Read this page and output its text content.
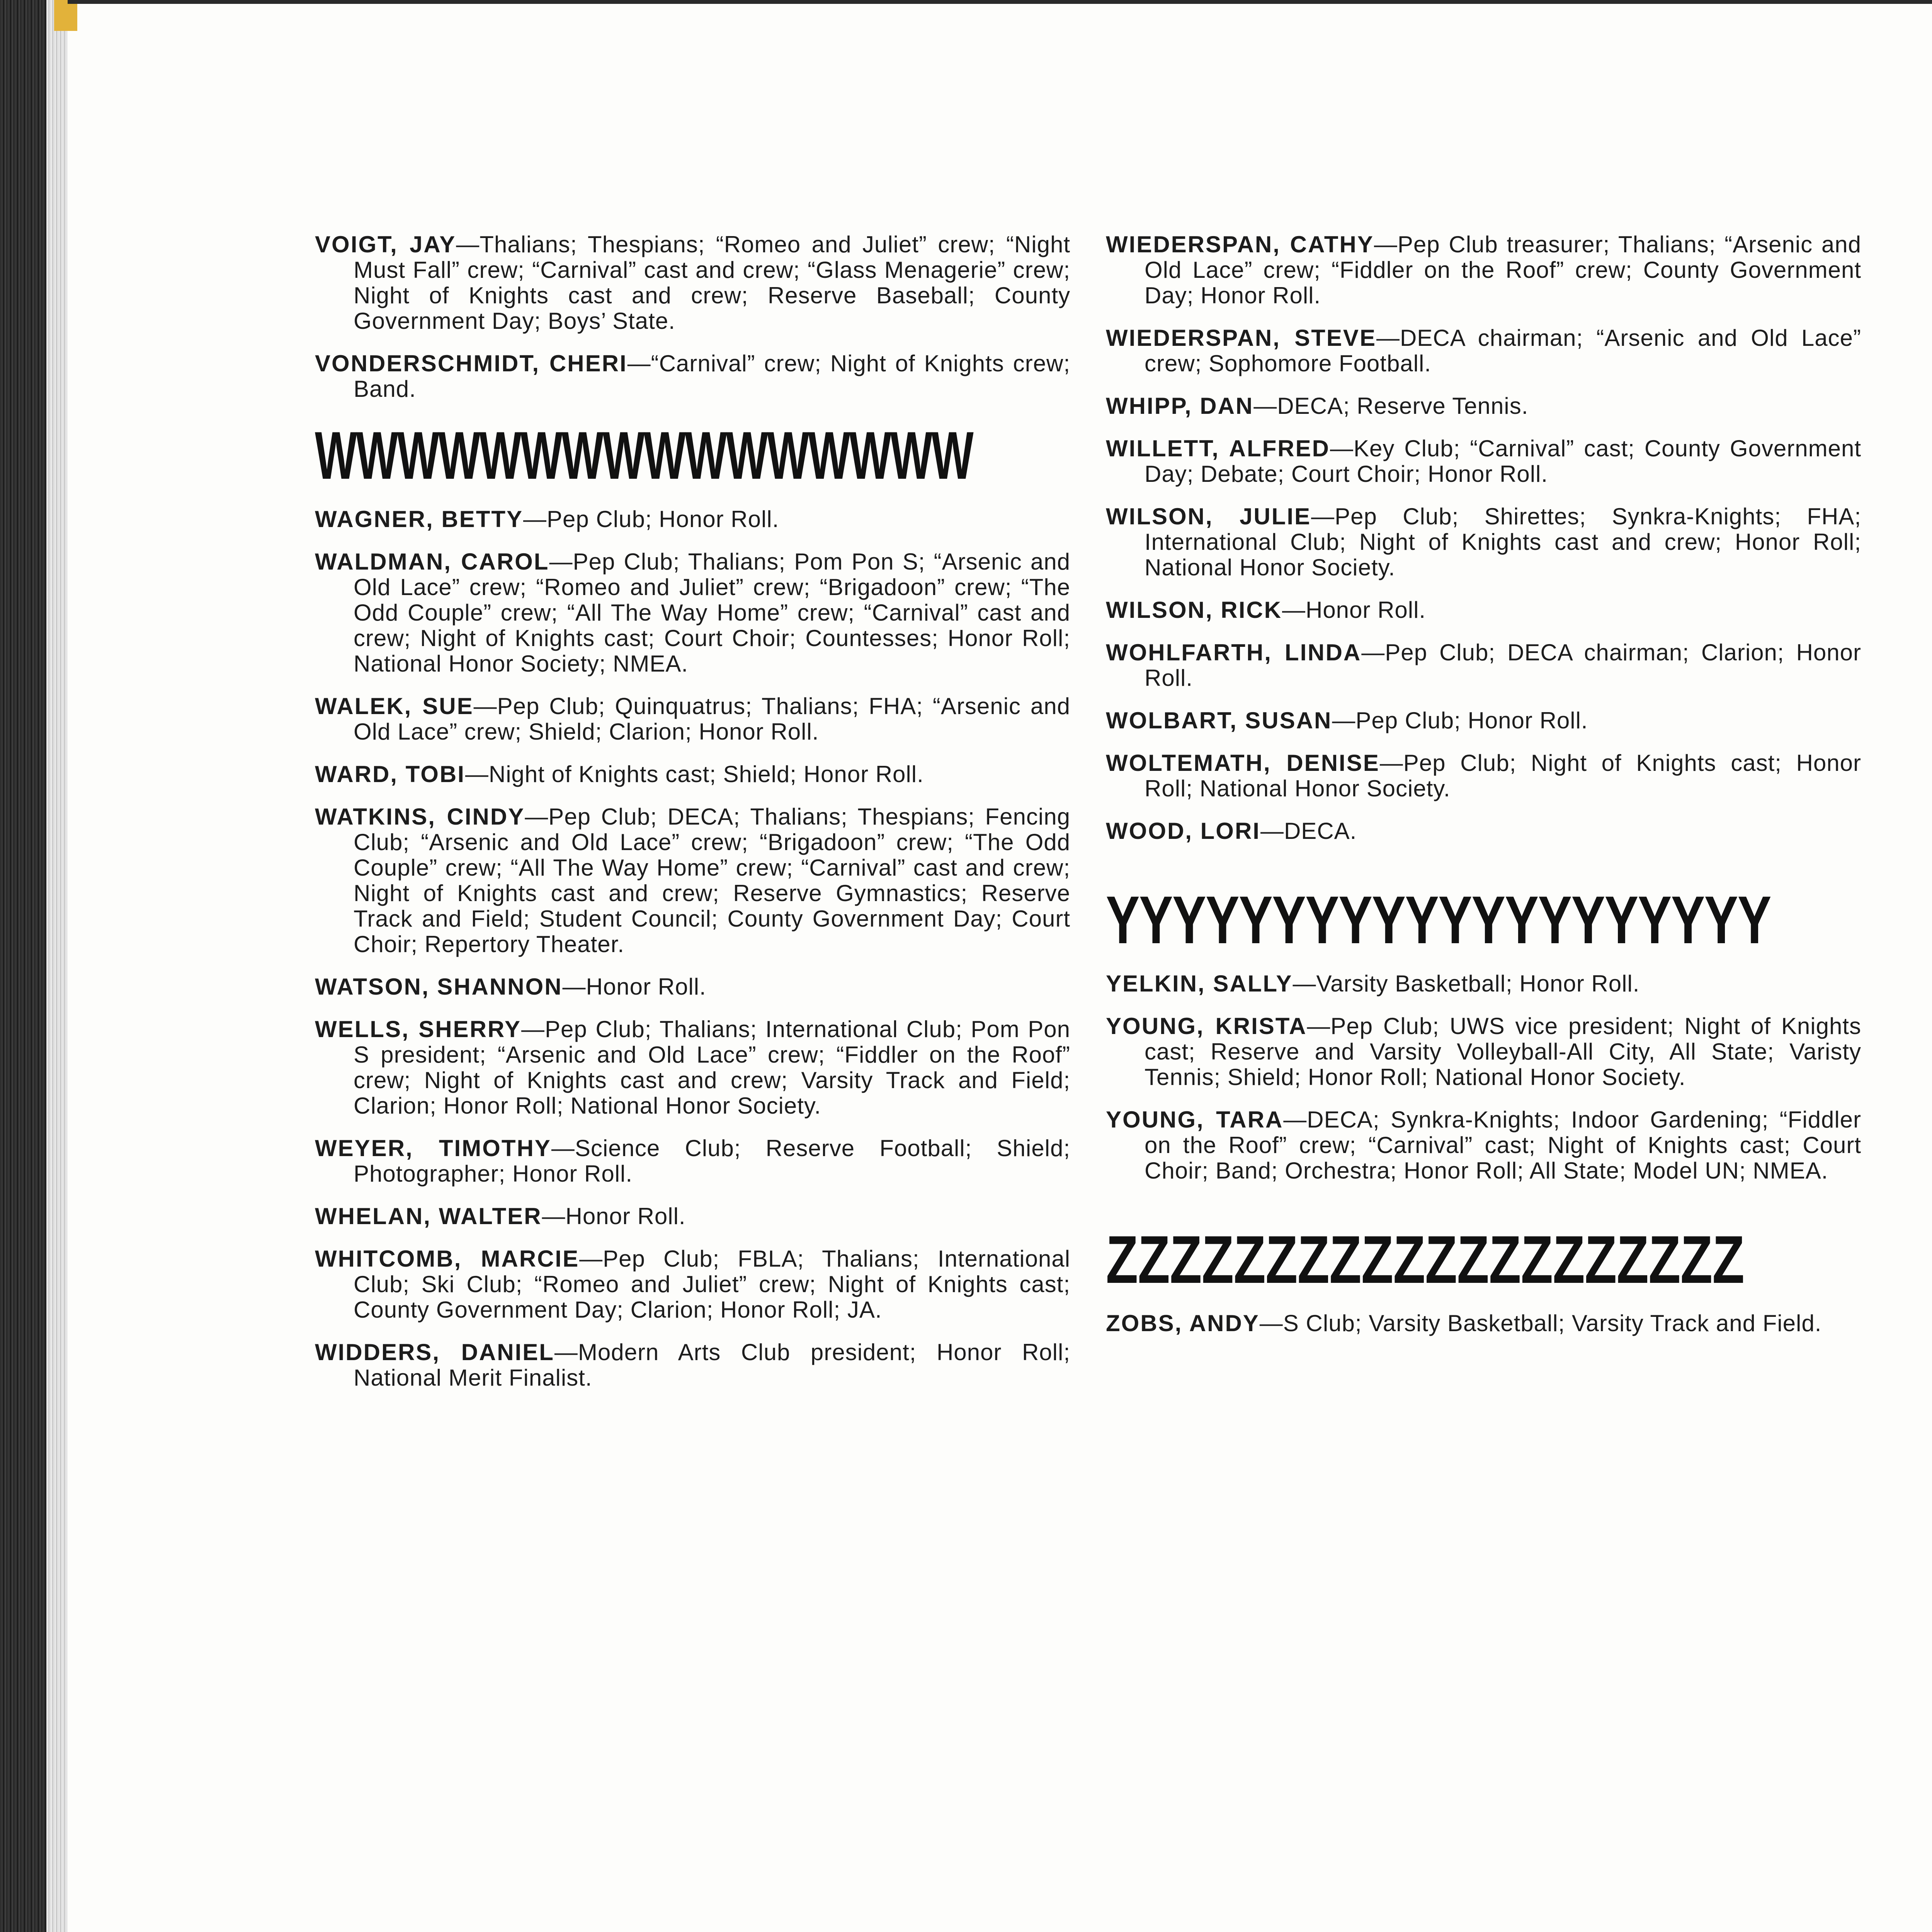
VOIGT, JAY—Thalians; Thespians; “Romeo and Juliet” crew; “Night Must Fall” crew; “Carnival” cast and crew; “Glass Menagerie” crew; Night of Knights cast and crew; Reserve Baseball; County Government Day; Boys’ State.
VONDERSCHMIDT, CHERI—“Carnival” crew; Night of Knights crew; Band.
WWWWWWWWWWWWWWWW
WAGNER, BETTY—Pep Club; Honor Roll.
WALDMAN, CAROL—Pep Club; Thalians; Pom Pon S; “Arsenic and Old Lace” crew; “Romeo and Juliet” crew; “Brigadoon” crew; “The Odd Couple” crew; “All The Way Home” crew; “Carnival” cast and crew; Night of Knights cast; Court Choir; Countesses; Honor Roll; National Honor Society; NMEA.
WALEK, SUE—Pep Club; Quinquatrus; Thalians; FHA; “Arsenic and Old Lace” crew; Shield; Clarion; Honor Roll.
WARD, TOBI—Night of Knights cast; Shield; Honor Roll.
WATKINS, CINDY—Pep Club; DECA; Thalians; Thespians; Fencing Club; “Arsenic and Old Lace” crew; “Brigadoon” crew; “The Odd Couple” crew; “All The Way Home” crew; “Carnival” cast and crew; Night of Knights cast and crew; Reserve Gymnastics; Reserve Track and Field; Student Council; County Government Day; Court Choir; Repertory Theater.
WATSON, SHANNON—Honor Roll.
WELLS, SHERRY—Pep Club; Thalians; International Club; Pom Pon S president; “Arsenic and Old Lace” crew; “Fiddler on the Roof” crew; Night of Knights cast and crew; Varsity Track and Field; Clarion; Honor Roll; National Honor Society.
WEYER, TIMOTHY—Science Club; Reserve Football; Shield; Photographer; Honor Roll.
WHELAN, WALTER—Honor Roll.
WHITCOMB, MARCIE—Pep Club; FBLA; Thalians; International Club; Ski Club; “Romeo and Juliet” crew; Night of Knights cast; County Government Day; Clarion; Honor Roll; JA.
WIDDERS, DANIEL—Modern Arts Club president; Honor Roll; National Merit Finalist.
WIEDERSPAN, CATHY—Pep Club treasurer; Thalians; “Arsenic and Old Lace” crew; “Fiddler on the Roof” crew; County Government Day; Honor Roll.
WIEDERSPAN, STEVE—DECA chairman; “Arsenic and Old Lace” crew; Sophomore Football.
WHIPP, DAN—DECA; Reserve Tennis.
WILLETT, ALFRED—Key Club; “Carnival” cast; County Government Day; Debate; Court Choir; Honor Roll.
WILSON, JULIE—Pep Club; Shirettes; Synkra-Knights; FHA; International Club; Night of Knights cast and crew; Honor Roll; National Honor Society.
WILSON, RICK—Honor Roll.
WOHLFARTH, LINDA—Pep Club; DECA chairman; Clarion; Honor Roll.
WOLBART, SUSAN—Pep Club; Honor Roll.
WOLTEMATH, DENISE—Pep Club; Night of Knights cast; Honor Roll; National Honor Society.
WOOD, LORI—DECA.
YYYYYYYYYYYYYYYYYYYY
YELKIN, SALLY—Varsity Basketball; Honor Roll.
YOUNG, KRISTA—Pep Club; UWS vice president; Night of Knights cast; Reserve and Varsity Volleyball-All City, All State; Varisty Tennis; Shield; Honor Roll; National Honor Society.
YOUNG, TARA—DECA; Synkra-Knights; Indoor Gardening; “Fiddler on the Roof” crew; “Carnival” cast; Night of Knights cast; Court Choir; Band; Orchestra; Honor Roll; All State; Model UN; NMEA.
ZZZZZZZZZZZZZZZZZZZZ
ZOBS, ANDY—S Club; Varsity Basketball; Varsity Track and Field.
